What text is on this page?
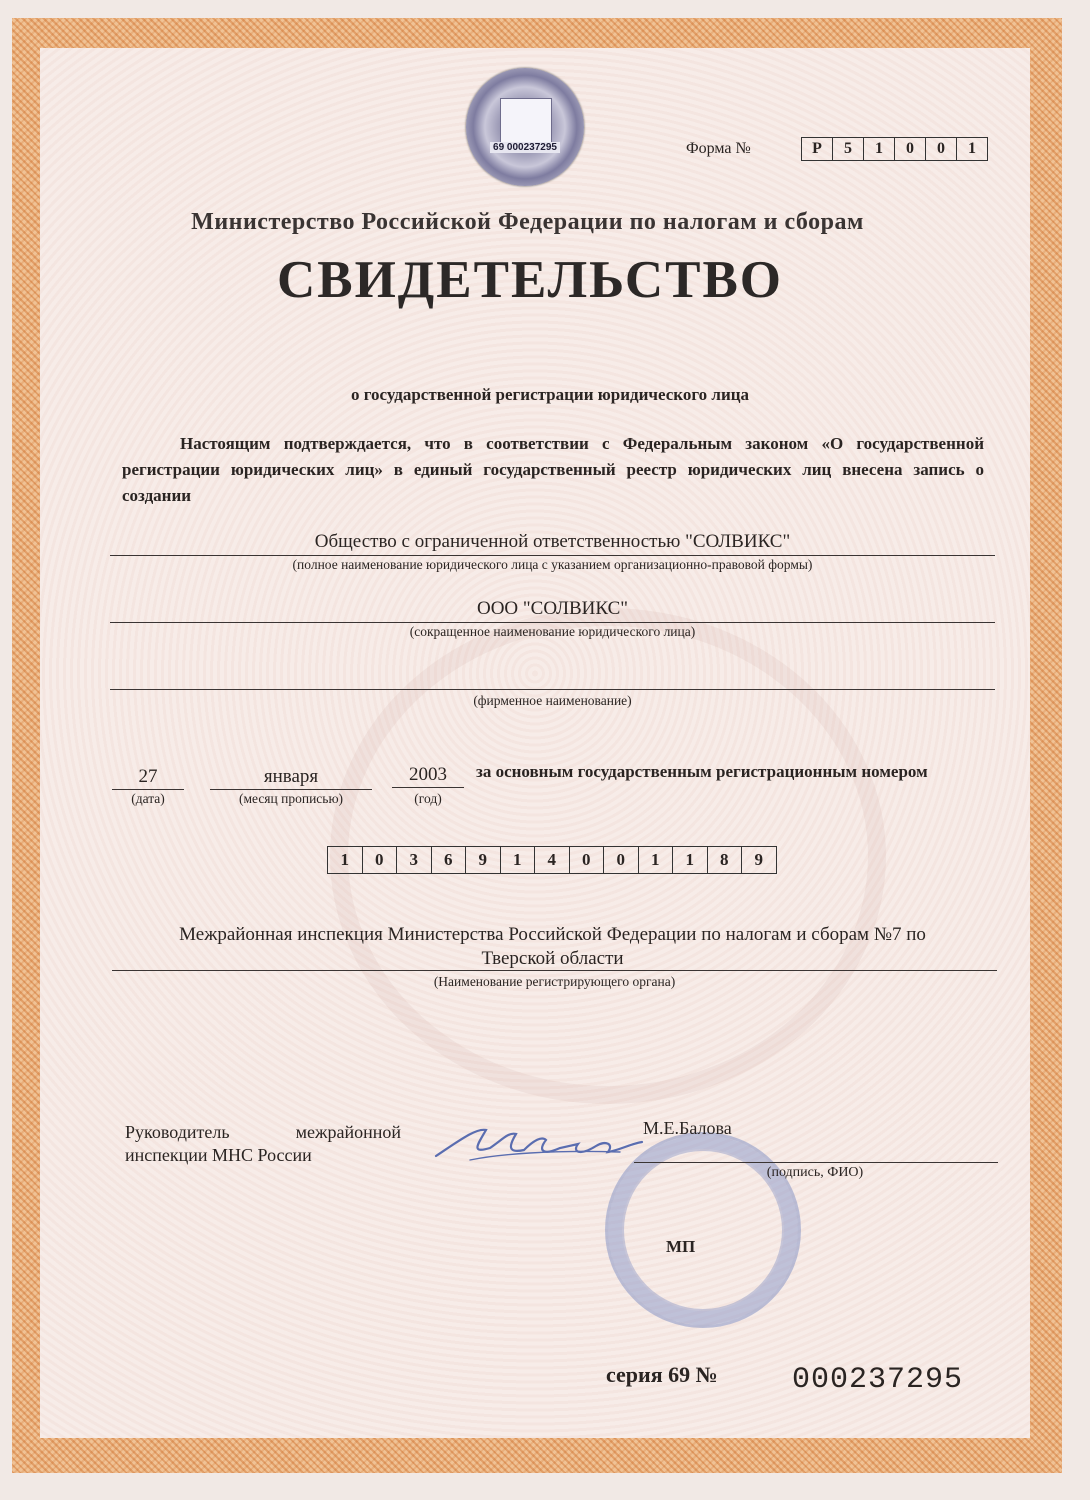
69 000237295	Форма №	Р	5	1	0	0	1
Министерство Российской Федерации по налогам и сборам
СВИДЕТЕЛЬСТВО
о государственной регистрации юридического лица
Настоящим подтверждается, что в соответствии с Федеральным законом «О государственной регистрации юридических лиц» в единый государственный реестр юридических лиц внесена запись о создании
Общество с ограниченной ответственностью "СОЛВИКС"
(полное наименование юридического лица с указанием организационно-правовой формы)
ООО "СОЛВИКС"
(сокращенное наименование юридического лица)
(фирменное наименование)
27
(дата)
января
(месяц прописью)
2003
(год)
за основным государственным регистрационным номером
1	0	3	6	9	1	4	0	0	1	1	8	9
Межрайонная инспекция Министерства Российской Федерации по налогам и сборам №7 по
Тверской области
(Наименование регистрирующего органа)
Руководитель межрайонной
инспекции МНС России
М.Е.Балова
(подпись, ФИО)
МП
серия 69 № 000237295
